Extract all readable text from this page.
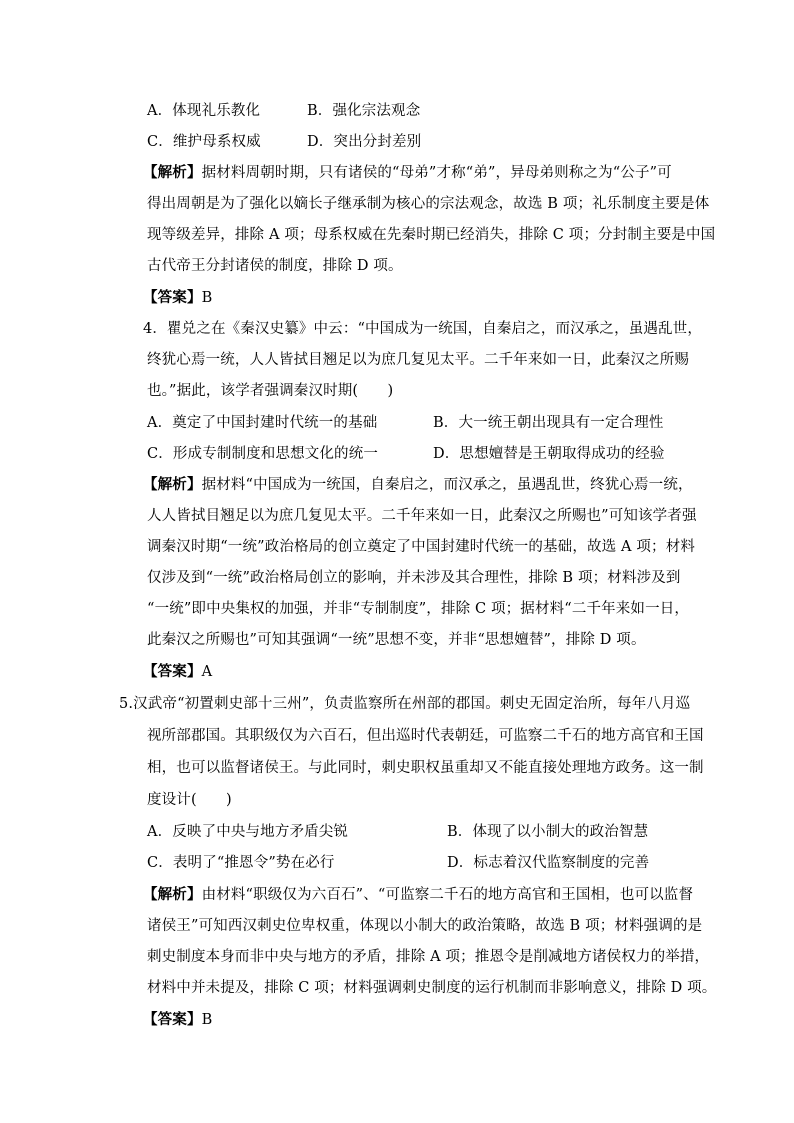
A．体现礼乐教化	B．强化宗法观念
C．维护母系权威	D．突出分封差别
【解析】据材料周朝时期，只有诸侯的“母弟”才称“弟”，异母弟则称之为“公子”可
得出周朝是为了强化以嫡长子继承制为核心的宗法观念，故选 B 项；礼乐制度主要是体
现等级差异，排除 A 项；母系权威在先秦时期已经消失，排除 C 项；分封制主要是中国
古代帝王分封诸侯的制度，排除 D 项。
【答案】B
4．瞿兑之在《秦汉史纂》中云：“中国成为一统国，自秦启之，而汉承之，虽遇乱世，
终犹心焉一统，人人皆拭目翘足以为庶几复见太平。二千年来如一日，此秦汉之所赐
也。”据此，该学者强调秦汉时期(　　)
A．奠定了中国封建时代统一的基础	B．大一统王朝出现具有一定合理性
C．形成专制制度和思想文化的统一	D．思想嬗替是王朝取得成功的经验
【解析】据材料“中国成为一统国，自秦启之，而汉承之，虽遇乱世，终犹心焉一统，
人人皆拭目翘足以为庶几复见太平。二千年来如一日，此秦汉之所赐也”可知该学者强
调秦汉时期“一统”政治格局的创立奠定了中国封建时代统一的基础，故选 A 项；材料
仅涉及到“一统”政治格局创立的影响，并未涉及其合理性，排除 B 项；材料涉及到
“一统”即中央集权的加强，并非“专制制度”，排除 C 项；据材料“二千年来如一日，
此秦汉之所赐也”可知其强调“一统”思想不变，并非“思想嬗替”，排除 D 项。
【答案】A
5.汉武帝“初置刺史部十三州”，负责监察所在州部的郡国。刺史无固定治所，每年八月巡
视所部郡国。其职级仅为六百石，但出巡时代表朝廷，可监察二千石的地方高官和王国
相，也可以监督诸侯王。与此同时，刺史职权虽重却又不能直接处理地方政务。这一制
度设计(　　)
A．反映了中央与地方矛盾尖锐	B．体现了以小制大的政治智慧
C．表明了“推恩令”势在必行	D．标志着汉代监察制度的完善
【解析】由材料“职级仅为六百石”、“可监察二千石的地方高官和王国相，也可以监督
诸侯王”可知西汉刺史位卑权重，体现以小制大的政治策略，故选 B 项；材料强调的是
刺史制度本身而非中央与地方的矛盾，排除 A 项；推恩令是削减地方诸侯权力的举措，
材料中并未提及，排除 C 项；材料强调刺史制度的运行机制而非影响意义，排除 D 项。
【答案】B
